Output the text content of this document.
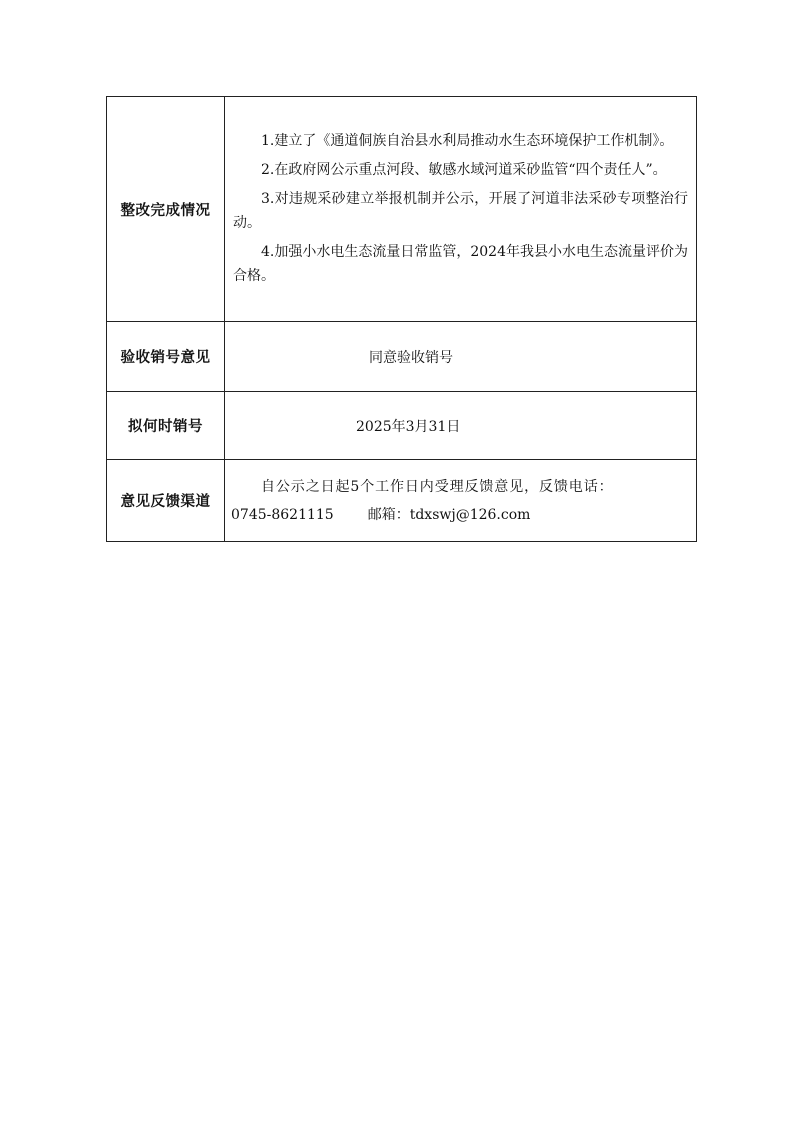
整改完成情况	1.建立了《通道侗族自治县水利局推动水生态环境保护工作机制》。

2.在政府网公示重点河段、敏感水域河道采砂监管“四个责任人”。

3.对违规采砂建立举报机制并公示，开展了河道非法采砂专项整治行动。

4.加强小水电生态流量日常监管，2024年我县小水电生态流量评价为合格。

验收销号意见	同意验收销号

拟何时销号	2025年3月31日

意见反馈渠道	自公示之日起5个工作日内受理反馈意见，反馈电话：
0745-8621115 邮箱：tdxswj@126.com
